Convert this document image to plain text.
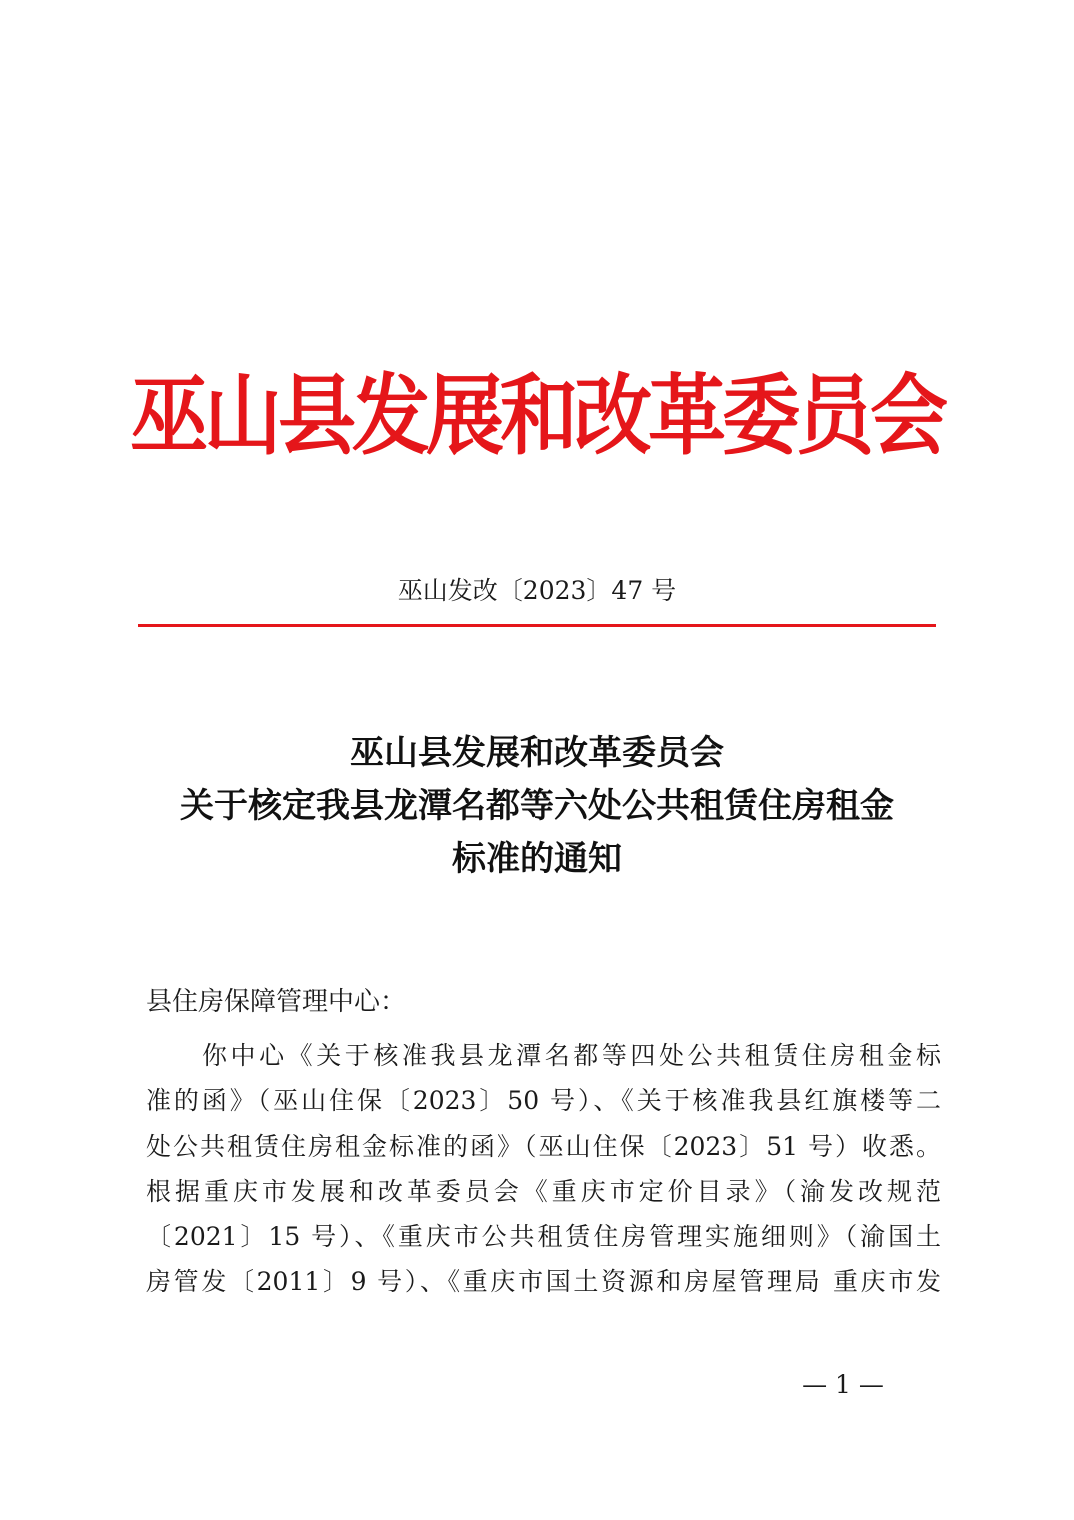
巫山县发展和改革委员会
巫山发改〔2023〕47 号
巫山县发展和改革委员会
关于核定我县龙潭名都等六处公共租赁住房租金
标准的通知
县住房保障管理中心：
你中心《关于核准我县龙潭名都等四处公共租赁住房租金标
准的函》（巫山住保〔2023〕50 号）、《关于核准我县红旗楼等二
处公共租赁住房租金标准的函》（巫山住保〔2023〕51 号）收悉。
根据重庆市发展和改革委员会《重庆市定价目录》（渝发改规范
〔2021〕15 号）、《重庆市公共租赁住房管理实施细则》（渝国土
房管发〔2011〕9 号）、《重庆市国土资源和房屋管理局 重庆市发
— 1 —
